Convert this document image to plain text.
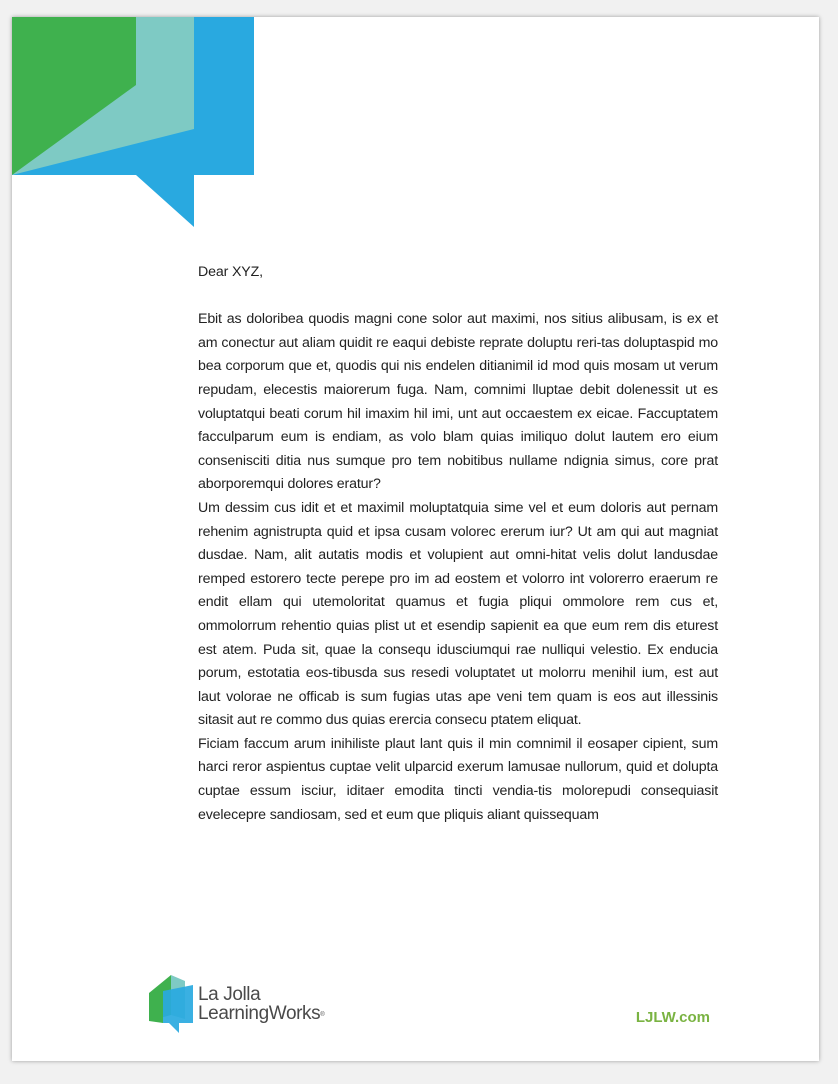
Dear XYZ,

Ebit as doloribea quodis magni cone solor aut maximi, nos sitius alibusam, is ex et am conectur aut aliam quidit re eaqui debiste reprate doluptu reri-tas doluptaspid mo bea corporum que et, quodis qui nis endelen ditianimil id mod quis mosam ut verum repudam, elecestis maiorerum fuga. Nam, comnimi lluptae debit dolenessit ut es voluptatqui beati corum hil imaxim hil imi, unt aut occaestem ex eicae. Faccuptatem facculparum eum is endiam, as volo blam quias imiliquo dolut lautem ero eium consenisciti ditia nus sumque pro tem nobitibus nullame ndignia simus, core prat aborporemqui dolores eratur?

Um dessim cus idit et et maximil moluptatquia sime vel et eum doloris aut pernam rehenim agnistrupta quid et ipsa cusam volorec ererum iur? Ut am qui aut magniat dusdae. Nam, alit autatis modis et volupient aut omni-hitat velis dolut landusdae remped estorero tecte perepe pro im ad eostem et volorro int volorerro eraerum re endit ellam qui utemoloritat quamus et fugia pliqui ommolore rem cus et, ommolorrum rehentio quias plist ut et esendip sapienit ea que eum rem dis eturest est atem. Puda sit, quae la consequ idusciumqui rae nulliqui velestio. Ex enducia porum, estotatia eos-tibusda sus resedi voluptatet ut molorru menihil ium, est aut laut volorae ne officab is sum fugias utas ape veni tem quam is eos aut illessinis sitasit aut re commo dus quias erercia consecu ptatem eliquat.

Ficiam faccum arum inihiliste plaut lant quis il min comnimil il eosaper cipient, sum harci reror aspientus cuptae velit ulparcid exerum lamusae nullorum, quid et dolupta cuptae essum isciur, iditaer emodita tincti vendia-tis molorepudi consequiasit evelecepre sandiosam, sed et eum que pliquis aliant quissequam

La Jolla
LearningWorks®	LJLW.com
